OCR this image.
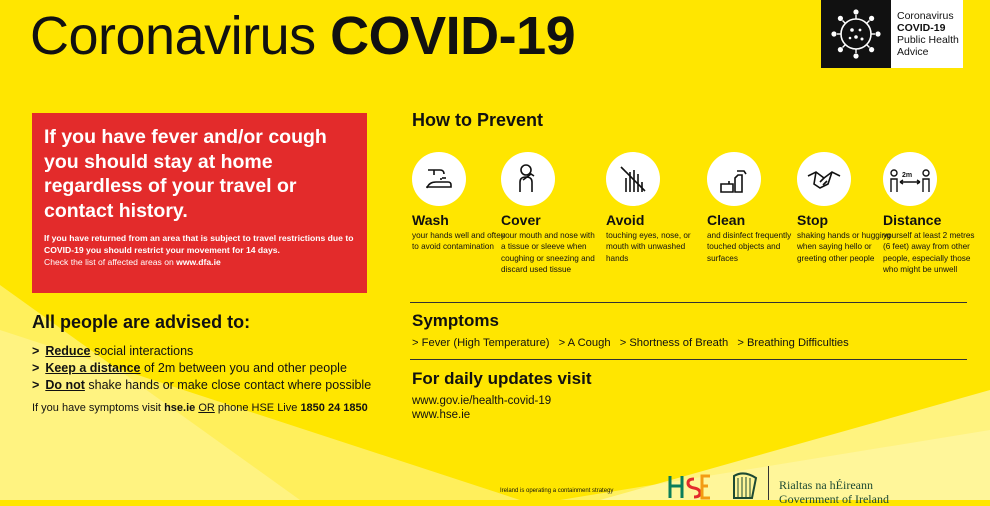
Coronavirus COVID-19	Coronavirus
COVID-19
Public Health
Advice
If you have fever and/or cough you should stay at home regardless of your travel or contact history.
If you have returned from an area that is subject to travel restrictions due to COVID-19 you should restrict your movement for 14 days.
Check the list of affected areas on www.dfa.ie
All people are advised to:
> Reduce social interactions
> Keep a distance of 2m between you and other people
> Do not shake hands or make close contact where possible
If you have symptoms visit hse.ie OR phone HSE Live 1850 24 1850
How to Prevent
Wash
your hands well and often to avoid contamination
Cover
your mouth and nose with a tissue or sleeve when coughing or sneezing and discard used tissue
Avoid
touching eyes, nose, or mouth with unwashed hands
Clean
and disinfect frequently touched objects and surfaces
Stop
shaking hands or hugging when saying hello or greeting other people
2m
Distance
yourself at least 2 metres (6 feet) away from other people, especially those who might be unwell
Symptoms
> Fever (High Temperature) > A Cough > Shortness of Breath > Breathing Difficulties
For daily updates visit
www.gov.ie/health-covid-19
www.hse.ie
Ireland is operating a containment strategy	Rialtas na hÉireann
Government of Ireland
